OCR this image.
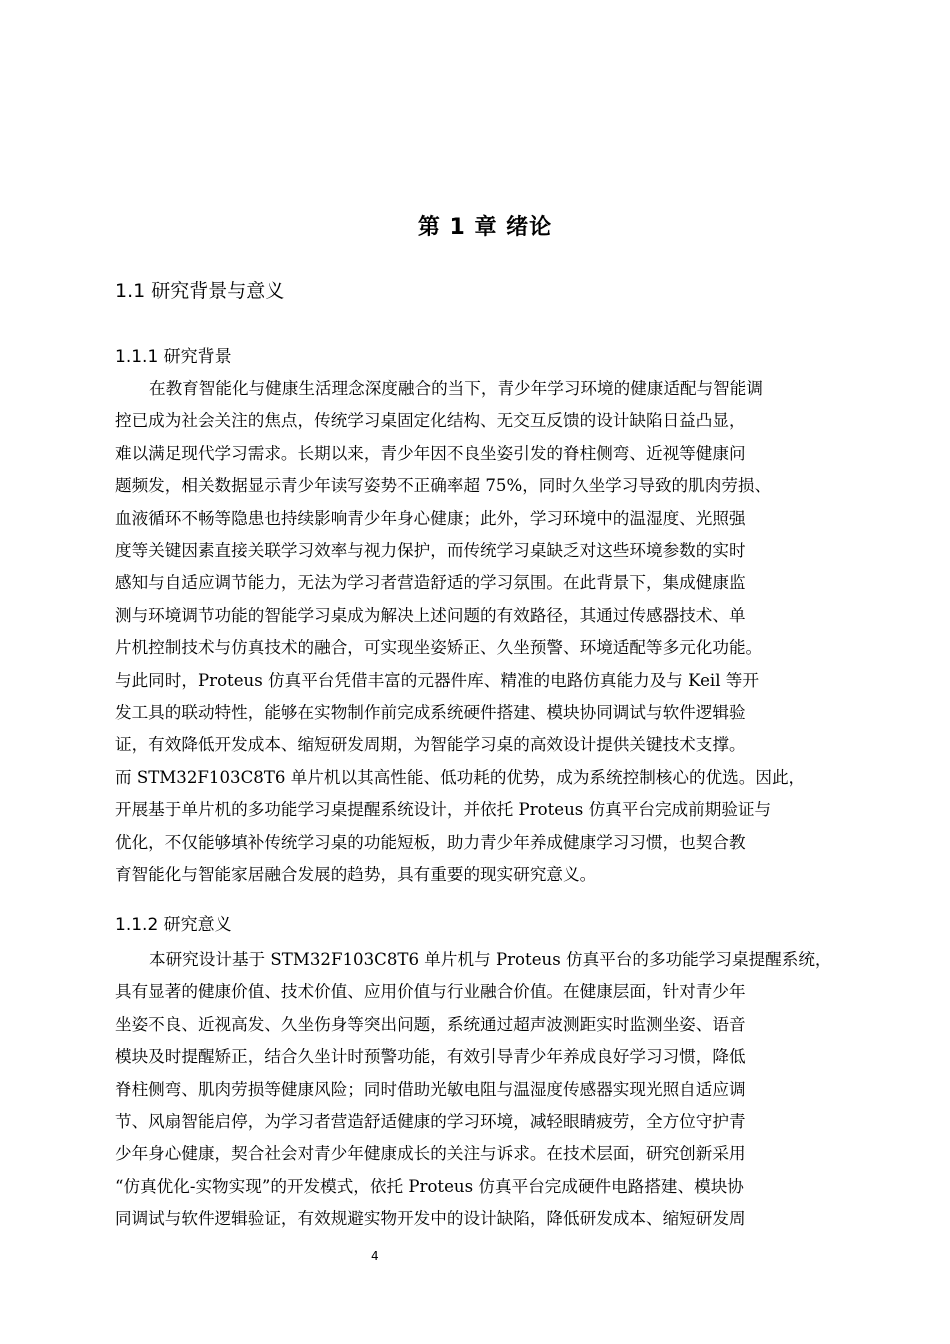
第 1 章 绪论
1.1 研究背景与意义
1.1.1 研究背景
在教育智能化与健康生活理念深度融合的当下，青少年学习环境的健康适配与智能调
控已成为社会关注的焦点，传统学习桌固定化结构、无交互反馈的设计缺陷日益凸显，
难以满足现代学习需求。长期以来，青少年因不良坐姿引发的脊柱侧弯、近视等健康问
题频发，相关数据显示青少年读写姿势不正确率超 75%，同时久坐学习导致的肌肉劳损、
血液循环不畅等隐患也持续影响青少年身心健康；此外，学习环境中的温湿度、光照强
度等关键因素直接关联学习效率与视力保护，而传统学习桌缺乏对这些环境参数的实时
感知与自适应调节能力，无法为学习者营造舒适的学习氛围。在此背景下，集成健康监
测与环境调节功能的智能学习桌成为解决上述问题的有效路径，其通过传感器技术、单
片机控制技术与仿真技术的融合，可实现坐姿矫正、久坐预警、环境适配等多元化功能。
与此同时，Proteus 仿真平台凭借丰富的元器件库、精准的电路仿真能力及与 Keil 等开
发工具的联动特性，能够在实物制作前完成系统硬件搭建、模块协同调试与软件逻辑验
证，有效降低开发成本、缩短研发周期，为智能学习桌的高效设计提供关键技术支撑。
而 STM32F103C8T6 单片机以其高性能、低功耗的优势，成为系统控制核心的优选。因此，
开展基于单片机的多功能学习桌提醒系统设计，并依托 Proteus 仿真平台完成前期验证与
优化，不仅能够填补传统学习桌的功能短板，助力青少年养成健康学习习惯，也契合教
育智能化与智能家居融合发展的趋势，具有重要的现实研究意义。
1.1.2 研究意义
本研究设计基于 STM32F103C8T6 单片机与 Proteus 仿真平台的多功能学习桌提醒系统，
具有显著的健康价值、技术价值、应用价值与行业融合价值。在健康层面，针对青少年
坐姿不良、近视高发、久坐伤身等突出问题，系统通过超声波测距实时监测坐姿、语音
模块及时提醒矫正，结合久坐计时预警功能，有效引导青少年养成良好学习习惯，降低
脊柱侧弯、肌肉劳损等健康风险；同时借助光敏电阻与温湿度传感器实现光照自适应调
节、风扇智能启停，为学习者营造舒适健康的学习环境，减轻眼睛疲劳，全方位守护青
少年身心健康，契合社会对青少年健康成长的关注与诉求。在技术层面，研究创新采用
“仿真优化-实物实现”的开发模式，依托 Proteus 仿真平台完成硬件电路搭建、模块协
同调试与软件逻辑验证，有效规避实物开发中的设计缺陷，降低研发成本、缩短研发周
4
